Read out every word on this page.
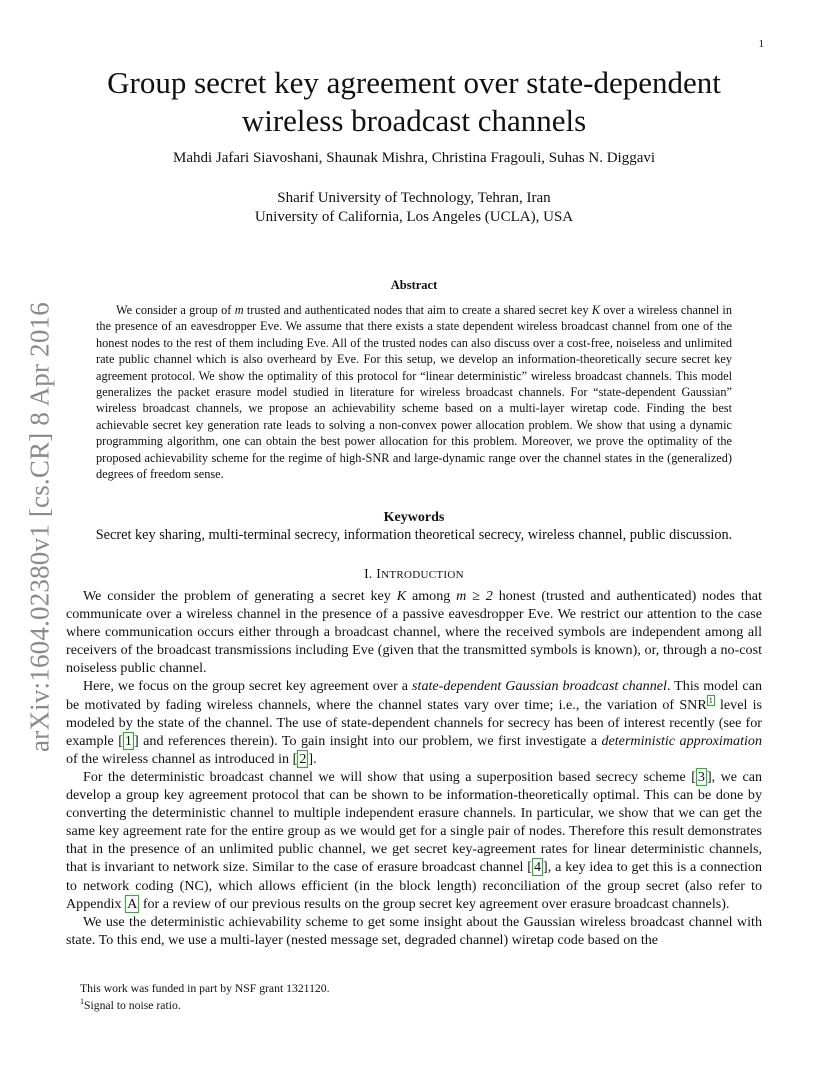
1
arXiv:1604.02380v1 [cs.CR] 8 Apr 2016
Group secret key agreement over state-dependent
wireless broadcast channels
Mahdi Jafari Siavoshani, Shaunak Mishra, Christina Fragouli, Suhas N. Diggavi
Sharif University of Technology, Tehran, Iran
University of California, Los Angeles (UCLA), USA
Abstract

We consider a group of m trusted and authenticated nodes that aim to create a shared secret key K over a wireless channel in the presence of an eavesdropper Eve. We assume that there exists a state dependent wireless broadcast channel from one of the honest nodes to the rest of them including Eve. All of the trusted nodes can also discuss over a cost-free, noiseless and unlimited rate public channel which is also overheard by Eve. For this setup, we develop an information-theoretically secure secret key agreement protocol. We show the optimality of this protocol for “linear deterministic” wireless broadcast channels. This model generalizes the packet erasure model studied in literature for wireless broadcast channels. For “state-dependent Gaussian” wireless broadcast channels, we propose an achievability scheme based on a multi-layer wiretap code. Finding the best achievable secret key generation rate leads to solving a non-convex power allocation problem. We show that using a dynamic programming algorithm, one can obtain the best power allocation for this problem. Moreover, we prove the optimality of the proposed achievability scheme for the regime of high-SNR and large-dynamic range over the channel states in the (generalized) degrees of freedom sense.

Keywords
Secret key sharing, multi-terminal secrecy, information theoretical secrecy, wireless channel, public discussion.
I. INTRODUCTION

We consider the problem of generating a secret key K among m ≥ 2 honest (trusted and authenticated) nodes that communicate over a wireless channel in the presence of a passive eavesdropper Eve. We restrict our attention to the case where communication occurs either through a broadcast channel, where the received symbols are independent among all receivers of the broadcast transmissions including Eve (given that the transmitted symbols is known), or, through a no-cost noiseless public channel.

Here, we focus on the group secret key agreement over a state-dependent Gaussian broadcast channel. This model can be motivated by fading wireless channels, where the channel states vary over time; i.e., the variation of SNR $^1$ level is modeled by the state of the channel. The use of state-dependent channels for secrecy has been of interest recently (see for example [ 1 ] and references therein). To gain insight into our problem, we first investigate a deterministic approximation of the wireless channel as introduced in [ 2 ].

For the deterministic broadcast channel we will show that using a superposition based secrecy scheme [ 3 ], we can develop a group key agreement protocol that can be shown to be information-theoretically optimal. This can be done by converting the deterministic channel to multiple independent erasure channels. In particular, we show that we can get the same key agreement rate for the entire group as we would get for a single pair of nodes. Therefore this result demonstrates that in the presence of an unlimited public channel, we get secret key-agreement rates for linear deterministic channels, that is invariant to network size. Similar to the case of erasure broadcast channel [ 4 ], a key idea to get this is a connection to network coding (NC), which allows efficient (in the block length) reconciliation of the group secret (also refer to Appendix A for a review of our previous results on the group secret key agreement over erasure broadcast channels).

We use the deterministic achievability scheme to get some insight about the Gaussian wireless broadcast channel with state. To this end, we use a multi-layer (nested message set, degraded channel) wiretap code based on the

This work was funded in part by NSF grant 1321120.
$^1$Signal to noise ratio.
